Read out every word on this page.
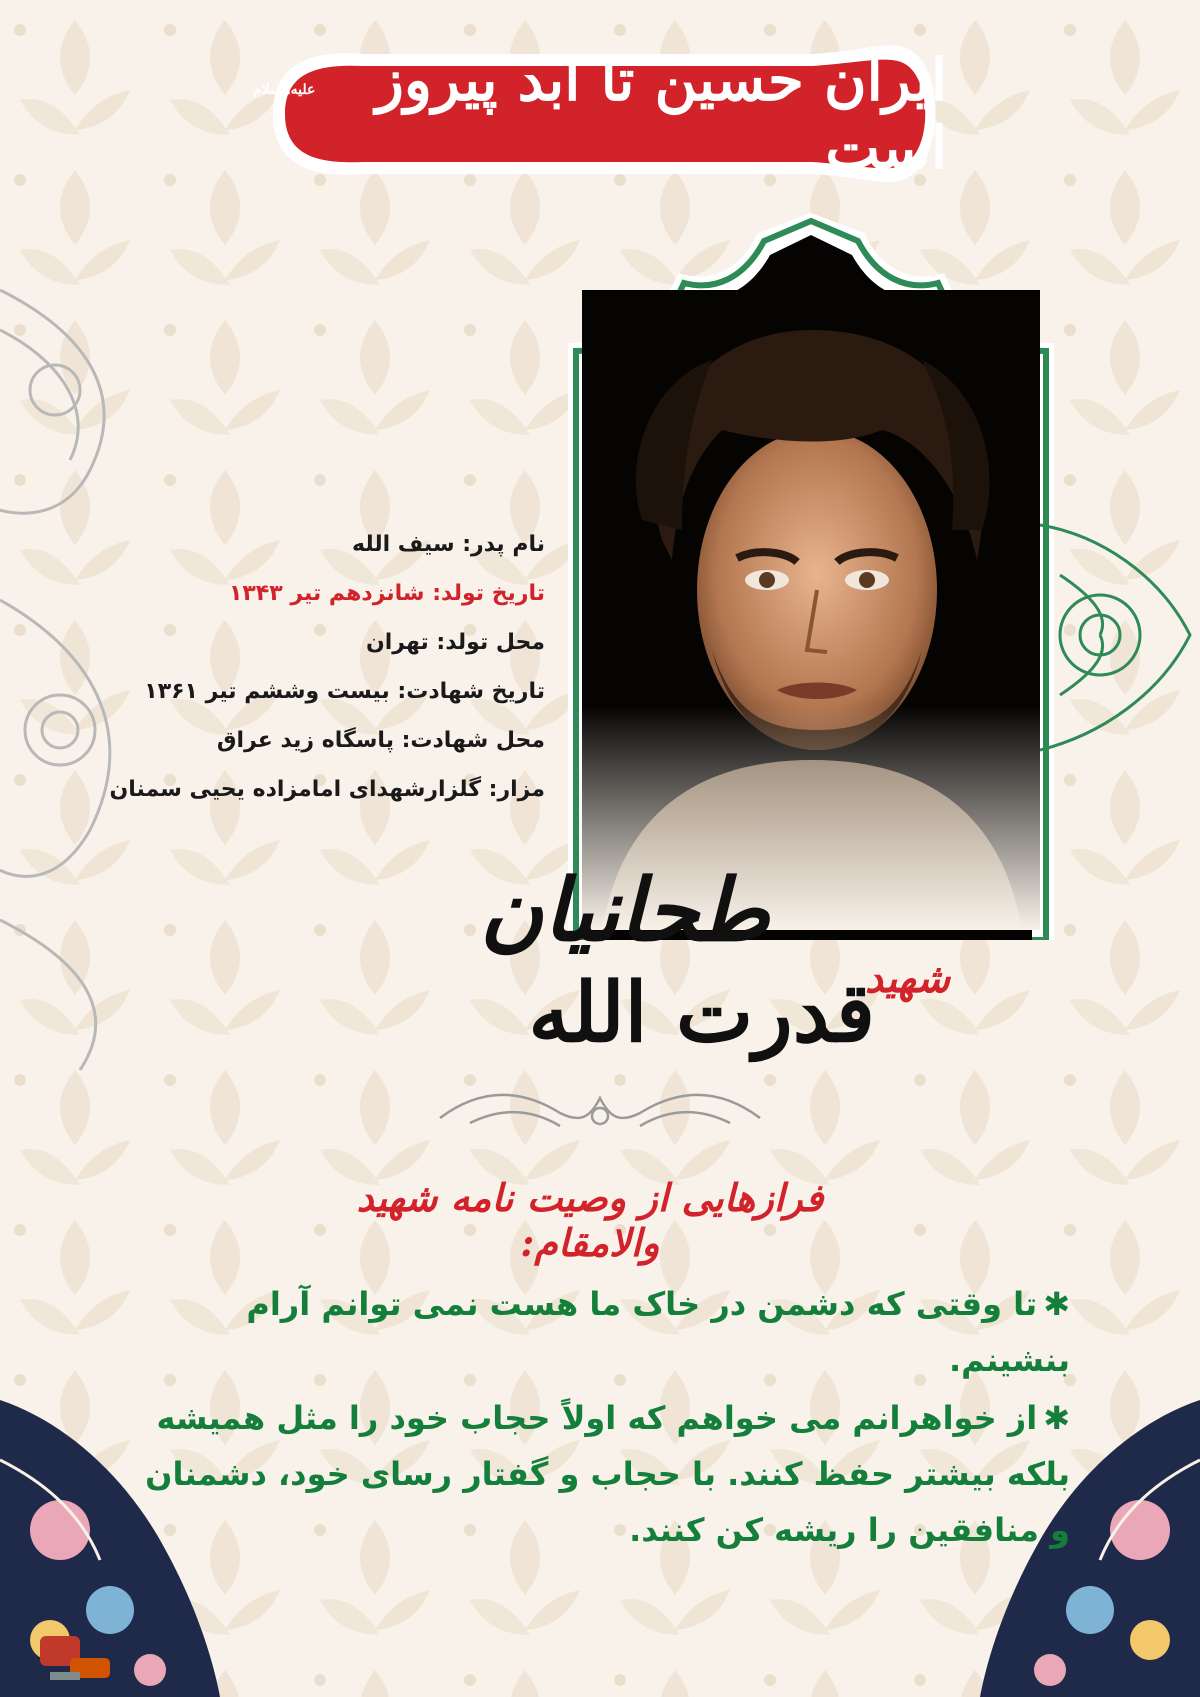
ایران حسین تا ابد پیروز است
علیه‌السلام
نام پدر: سیف الله
تاریخ تولد: شانزدهم تیر ۱۳۴۳
محل تولد: تهران
تاریخ شهادت: بیست وششم تیر ۱۳۶۱
محل شهادت: پاسگاه زید عراق
مزار: گلزارشهدای امامزاده یحیی سمنان
طحانیان
شهید
قدرت الله
فرازهایی از وصیت نامه شهید والامقام:

✱تا وقتی که دشمن در خاک ما هست نمی توانم آرام بنشینم.

✱از خواهرانم می خواهم که اولاً حجاب خود را مثل همیشه بلکه بیشتر حفظ کنند. با حجاب و گفتار رسای خود، دشمنان و منافقین را ریشه کن کنند.
